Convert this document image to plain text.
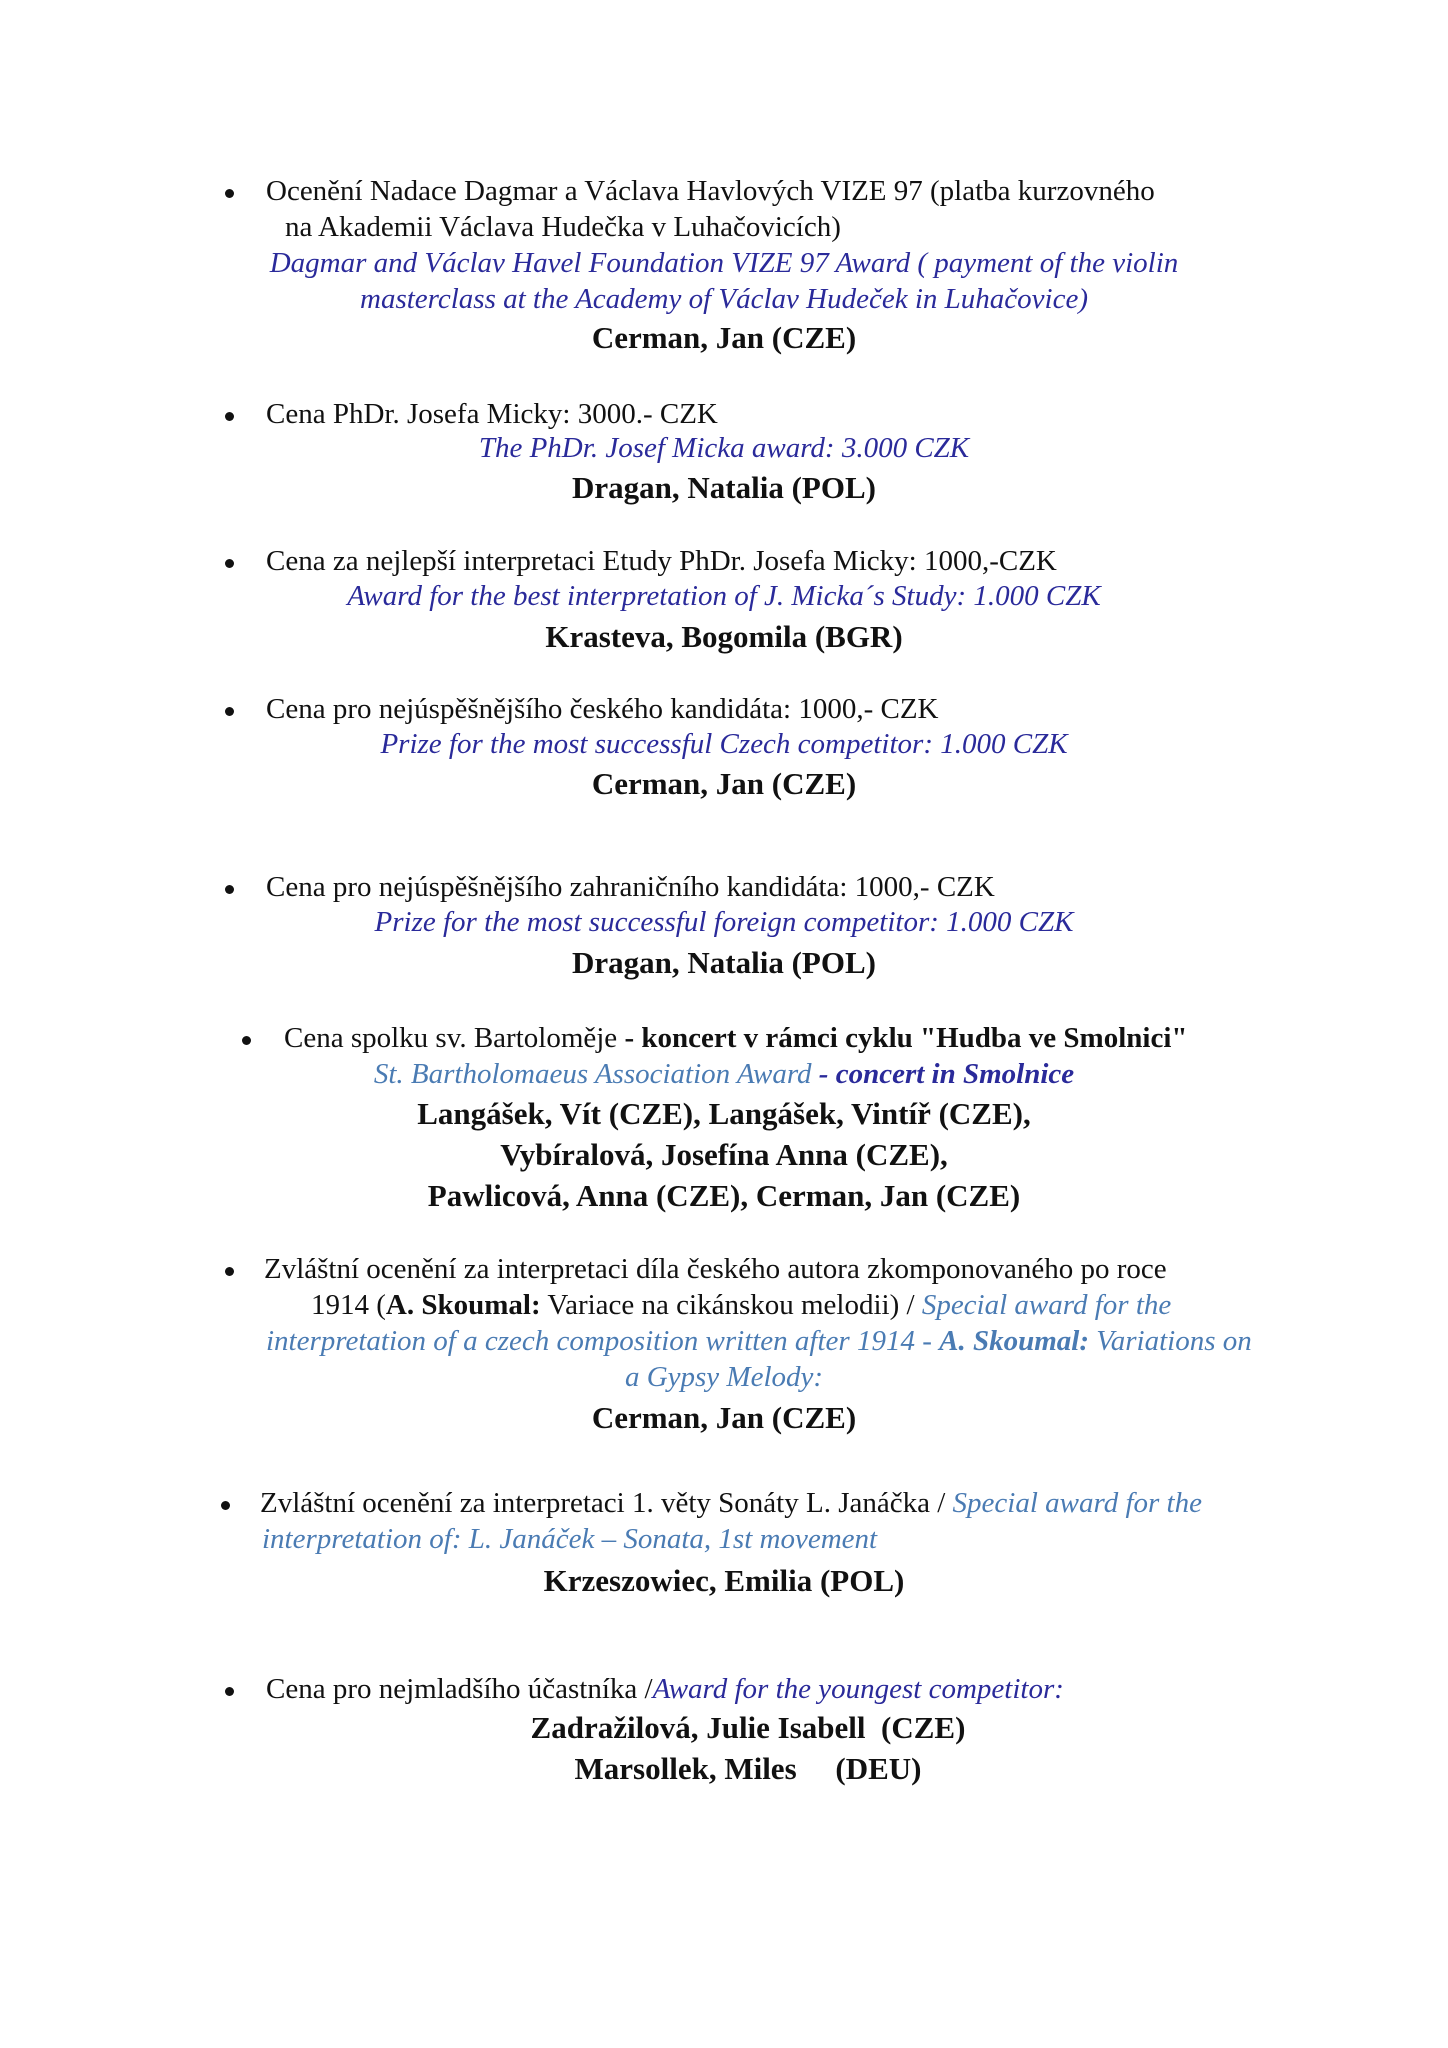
Ocenění Nadace Dagmar a Václava Havlových VIZE 97 (platba kurzovného
na Akademii Václava Hudečka v Luhačovicích)
Dagmar and Václav Havel Foundation VIZE 97 Award ( payment of the violin
masterclass at the Academy of Václav Hudeček in Luhačovice)
Cerman, Jan (CZE)
Cena PhDr. Josefa Micky: 3000.- CZK
The PhDr. Josef Micka award: 3.000 CZK
Dragan, Natalia (POL)
Cena za nejlepší interpretaci Etudy PhDr. Josefa Micky: 1000,-CZK
Award for the best interpretation of J. Micka´s Study: 1.000 CZK
Krasteva, Bogomila (BGR)
Cena pro nejúspěšnějšího českého kandidáta: 1000,- CZK
Prize for the most successful Czech competitor: 1.000 CZK
Cerman, Jan (CZE)
Cena pro nejúspěšnějšího zahraničního kandidáta: 1000,- CZK
Prize for the most successful foreign competitor: 1.000 CZK
Dragan, Natalia (POL)
Cena spolku sv. Bartoloměje - koncert v rámci cyklu "Hudba ve Smolnici"
St. Bartholomaeus Association Award - concert in Smolnice
Langášek, Vít (CZE), Langášek, Vintíř (CZE),
Vybíralová, Josefína Anna (CZE),
Pawlicová, Anna (CZE), Cerman, Jan (CZE)
Zvláštní ocenění za interpretaci díla českého autora zkomponovaného po roce
1914 (A. Skoumal: Variace na cikánskou melodii) / Special award for the
interpretation of a czech composition written after 1914 - A. Skoumal: Variations on
a Gypsy Melody:
Cerman, Jan (CZE)
Zvláštní ocenění za interpretaci 1. věty Sonáty L. Janáčka / Special award for the
interpretation of: L. Janáček – Sonata, 1st movement
Krzeszowiec, Emilia (POL)
Cena pro nejmladšího účastníka /Award for the youngest competitor:
Zadražilová, Julie Isabell  (CZE)
Marsollek, Miles     (DEU)
